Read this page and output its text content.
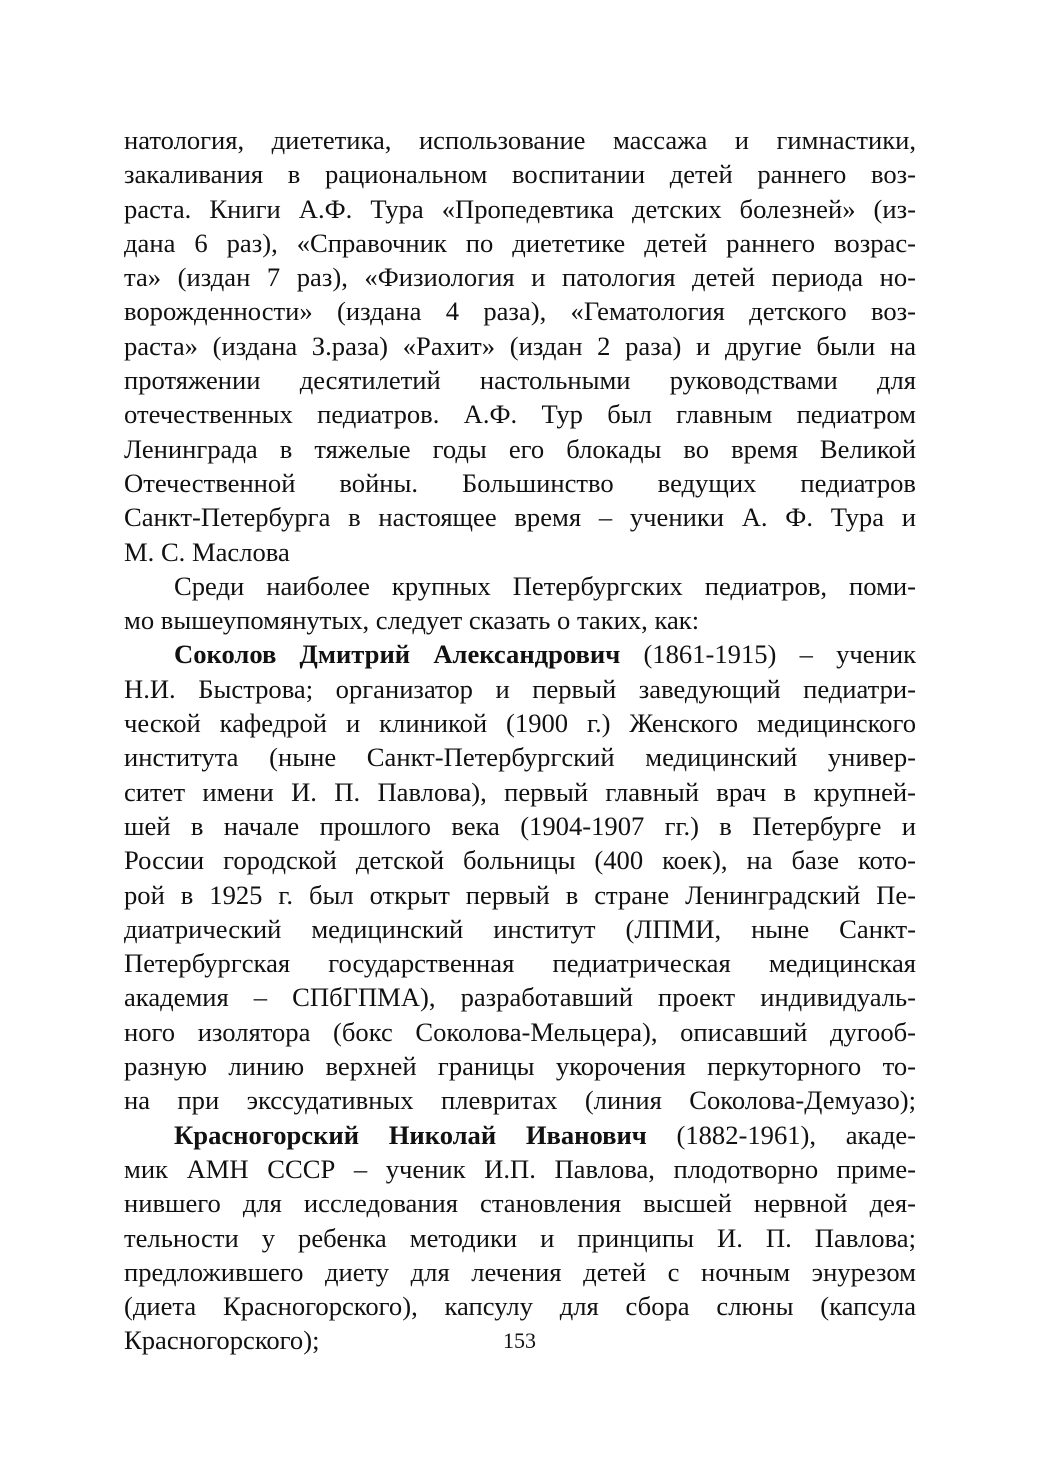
натология, диететика, использование массажа и гимнастики,
закаливания в рациональном воспитании детей раннего воз-
раста. Книги А.Ф. Тура «Пропедевтика детских болезней» (из-
дана 6 раз), «Справочник по диететике детей раннего возрас-
та» (издан 7 раз), «Физиология и патология детей периода но-
ворожденности» (издана 4 раза), «Гематология детского воз-
раста» (издана З.раза) «Рахит» (издан 2 раза) и другие были на
протяжении десятилетий настольными руководствами для
отечественных педиатров. А.Ф. Тур был главным педиатром
Ленинграда в тяжелые годы его блокады во время Великой
Отечественной войны. Большинство ведущих педиатров
Санкт-Петербурга в настоящее время – ученики А. Ф. Тура и
М. С. Маслова
Среди наиболее крупных Петербургских педиатров, поми-
мо вышеупомянутых, следует сказать о таких, как:
Соколов Дмитрий Александрович (1861-1915) – ученик
Н.И. Быстрова; организатор и первый заведующий педиатри-
ческой кафедрой и клиникой (1900 г.) Женского медицинского
института (ныне Санкт-Петербургский медицинский универ-
ситет имени И. П. Павлова), первый главный врач в крупней-
шей в начале прошлого века (1904-1907 гг.) в Петербурге и
России городской детской больницы (400 коек), на базе кото-
рой в 1925 г. был открыт первый в стране Ленинградский Пе-
диатрический медицинский институт (ЛПМИ, ныне Санкт-
Петербургская государственная педиатрическая медицинская
академия – СПбГПМА), разработавший проект индивидуаль-
ного изолятора (бокс Соколова-Мельцера), описавший дугооб-
разную линию верхней границы укорочения перкуторного то-
на при экссудативных плевритах (линия Соколова-Демуазо);
Красногорский Николай Иванович (1882-1961), акаде-
мик АМН СССР – ученик И.П. Павлова, плодотворно приме-
нившего для исследования становления высшей нервной дея-
тельности у ребенка методики и принципы И. П. Павлова;
предложившего диету для лечения детей с ночным энурезом
(диета Красногорского), капсулу для сбора слюны (капсула
Красногорского);	153
